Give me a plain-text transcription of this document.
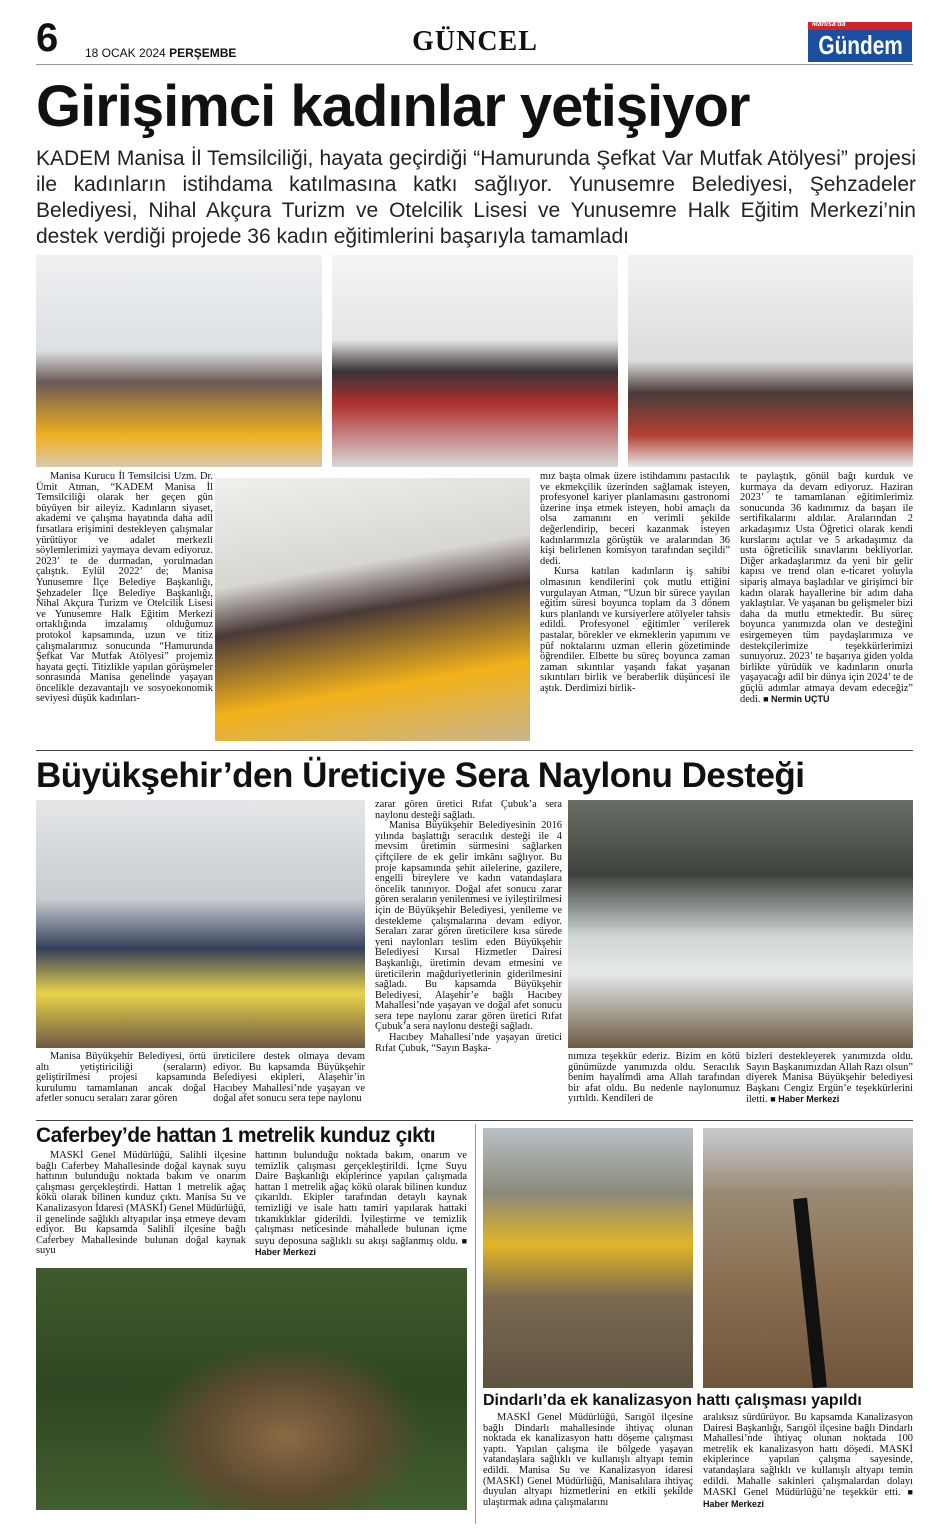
6 18 OCAK 2024 PERŞEMBE	GÜNCEL
Manisa'da
Gündem
Girişimci kadınlar yetişiyor

KADEM Manisa İl Temsilciliği, hayata geçirdiği “Hamurunda Şefkat Var Mutfak Atölyesi” projesi ile kadınların istihdama katılmasına katkı sağlıyor. Yunusemre Belediyesi, Şehzadeler Belediyesi, Nihal Akçura Turizm ve Otelcilik Lisesi ve Yunusemre Halk Eğitim Merkezi’nin destek verdiği projede 36 kadın eğitimlerini başarıyla tamamladı

Manisa Kurucu İl Temsilcisi Uzm. Dr. Ümit Atman, “KADEM Manisa İl Temsilciliği olarak her geçen gün büyüyen bir aileyiz. Kadınların siyaset, akademi ve çalışma hayatında daha adil fırsatlara erişimini destekleyen çalışmalar yürütüyor ve adalet merkezli söylemlerimizi yaymaya devam ediyoruz. 2023’ te de durmadan, yorulmadan çalıştık. Eylül 2022’ de; Manisa Yunusemre İlçe Belediye Başkanlığı, Şehzadeler İlçe Belediye Başkanlığı, Nihal Akçura Turizm ve Otelcilik Lisesi ve Yunusemre Halk Eğitim Merkezi ortaklığında imzalamış olduğumuz protokol kapsamında, uzun ve titiz çalışmalarımız sonucunda “Hamurunda Şefkat Var Mutfak Atölyesi” projemiz hayata geçti. Titizlikle yapılan görüşmeler sonrasında Manisa genelinde yaşayan öncelikle dezavantajlı ve sosyoekonomik seviyesi düşük kadınları-

mız başta olmak üzere istihdamını pastacılık ve ekmekçilik üzerinden sağlamak isteyen, profesyonel kariyer planlamasını gastronomi üzerine inşa etmek isteyen, hobi amaçlı da olsa zamanını en verimli şekilde değerlendirip, beceri kazanmak isteyen kadınlarımızla görüştük ve aralarından 36 kişi belirlenen komisyon tarafından seçildi” dedi.

Kursa katılan kadınların iş sahibi olmasının kendilerini çok mutlu ettiğini vurgulayan Atman, “Uzun bir sürece yayılan eğitim süresi boyunca toplam da 3 dönem kurs planlandı ve kursiyerlere atölyeler tahsis edildi. Profesyonel eğitimler verilerek pastalar, börekler ve ekmeklerin yapımını ve püf noktalarını uzman ellerin gözetiminde öğrendiler. Elbette bu süreç boyunca zaman zaman sıkıntılar yaşandı fakat yaşanan sıkıntıları birlik ve beraberlik düşüncesi ile aştık. Derdimizi birlik-

te paylaştık, gönül bağı kurduk ve kurmaya da devam ediyoruz. Haziran 2023’ te tamamlanan eğitimlerimiz sonucunda 36 kadınımız da başarı ile sertifikalarını aldılar. Aralarından 2 arkadaşımız Usta Öğretici olarak kendi kurslarını açtılar ve 5 arkadaşımız da usta öğreticilik sınavlarını bekliyorlar. Diğer arkadaşlarımız da yeni bir gelir kapısı ve trend olan e-ticaret yoluyla sipariş almaya başladılar ve girişimci bir kadın olarak hayallerine bir adım daha yaklaştılar. Ve yaşanan bu gelişmeler bizi daha da mutlu etmektedir. Bu süreç boyunca yanımızda olan ve desteğini esirgemeyen tüm paydaşlarımıza ve destekçilerimize teşekkürlerimizi sunuyoruz. 2023’ te başarıya giden yolda birlikte yürüdük ve kadınların onurla yaşayacağı adil bir dünya için 2024’ te de güçlü adımlar atmaya devam edeceğiz” dedi. ■ Nermin UÇTU

Büyükşehir’den Üreticiye Sera Naylonu Desteği

zarar gören üretici Rıfat Çubuk’a sera naylonu desteği sağladı.

Manisa Büyükşehir Belediyesinin 2016 yılında başlattığı seracılık desteği ile 4 mevsim üretimin sürmesini sağlarken çiftçilere de ek gelir imkânı sağlıyor. Bu proje kapsamında şehit ailelerine, gazilere, engelli bireylere ve kadın vatandaşlara öncelik tanınıyor. Doğal afet sonucu zarar gören seraların yenilenmesi ve iyileştirilmesi için de Büyükşehir Belediyesi, yenileme ve destekleme çalışmalarına devam ediyor. Seraları zarar gören üreticilere kısa sürede yeni naylonları teslim eden Büyükşehir Belediyesi Kırsal Hizmetler Dairesi Başkanlığı, üretimin devam etmesini ve üreticilerin mağduriyetlerinin giderilmesini sağladı. Bu kapsamda Büyükşehir Belediyesi, Alaşehir’e bağlı Hacıbey Mahallesi’nde yaşayan ve doğal afet sonucu sera tepe naylonu zarar gören üretici Rıfat Çubuk’a sera naylonu desteği sağladı.

Hacıbey Mahallesi’nde yaşayan üretici Rıfat Çubuk, “Sayın Başka-

Manisa Büyükşehir Belediyesi, örtü altı yetiştiriciliği (seraların) geliştirilmesi projesi kapsamında kurulumu tamamlanan ancak doğal afetler sonucu seraları zarar gören

üreticilere destek olmaya devam ediyor. Bu kapsamda Büyükşehir Belediyesi ekipleri, Alaşehir’in Hacıbey Mahallesi’nde yaşayan ve doğal afet sonucu sera tepe naylonu

nımıza teşekkür ederiz. Bizim en kötü günümüzde yanımızda oldu. Seracılık benim hayalimdi ama Allah tarafından bir afat oldu. Bu nedenle naylonumuz yırtıldı. Kendileri de

bizleri destekleyerek yanımızda oldu. Sayın Başkanımızdan Allah Razı olsun” diyerek Manisa Büyükşehir belediyesi Başkanı Cengiz Ergün’e teşekkürlerini iletti. ■ Haber Merkezi

Caferbey’de hattan 1 metrelik kunduz çıktı

MASKİ Genel Müdürlüğü, Salihli ilçesine bağlı Caferbey Mahallesinde doğal kaynak suyu hattının bulunduğu noktada bakım ve onarım çalışması gerçekleştirdi. Hattan 1 metrelik ağaç kökü olarak bilinen kunduz çıktı. Manisa Su ve Kanalizasyon İdaresi (MASKİ) Genel Müdürlüğü, il genelinde sağlıklı altyapılar inşa etmeye devam ediyor. Bu kapsamda Salihli ilçesine bağlı Caferbey Mahallesinde bulunan doğal kaynak suyu

hattının bulunduğu noktada bakım, onarım ve temizlik çalışması gerçekleştirildi. İçme Suyu Daire Başkanlığı ekiplerince yapılan çalışmada hattan 1 metrelik ağaç kökü olarak bilinen kunduz çıkarıldı. Ekipler tarafından detaylı kaynak temizliği ve isale hattı tamiri yapılarak hattaki tıkanıklıklar giderildi. İyileştirme ve temizlik çalışması neticesinde mahallede bulunan içme suyu deposuna sağlıklı su akışı sağlanmış oldu. ■ Haber Merkezi

Dindarlı’da ek kanalizasyon hattı çalışması yapıldı

MASKİ Genel Müdürlüğü, Sarıgöl ilçesine bağlı Dindarlı mahallesinde ihtiyaç olunan noktada ek kanalizasyon hattı döşeme çalışması yaptı. Yapılan çalışma ile bölgede yaşayan vatandaşlara sağlıklı ve kullanışlı altyapı temin edildi. Manisa Su ve Kanalizasyon idaresi (MASKİ) Genel Müdürlüğü, Manisalılara ihtiyaç duyulan altyapı hizmetlerini en etkili şekilde ulaştırmak adına çalışmalarını

aralıksız sürdürüyor. Bu kapsamda Kanalizasyon Dairesi Başkanlığı, Sarıgöl ilçesine bağlı Dindarlı Mahallesi’nde ihtiyaç olunan noktada 100 metrelik ek kanalizasyon hattı döşedi. MASKİ ekiplerince yapılan çalışma sayesinde, vatandaşlara sağlıklı ve kullanışlı altyapı temin edildi. Mahalle sakinleri çalışmalardan dolayı MASKİ Genel Müdürlüğü’ne teşekkür etti. ■ Haber Merkezi
